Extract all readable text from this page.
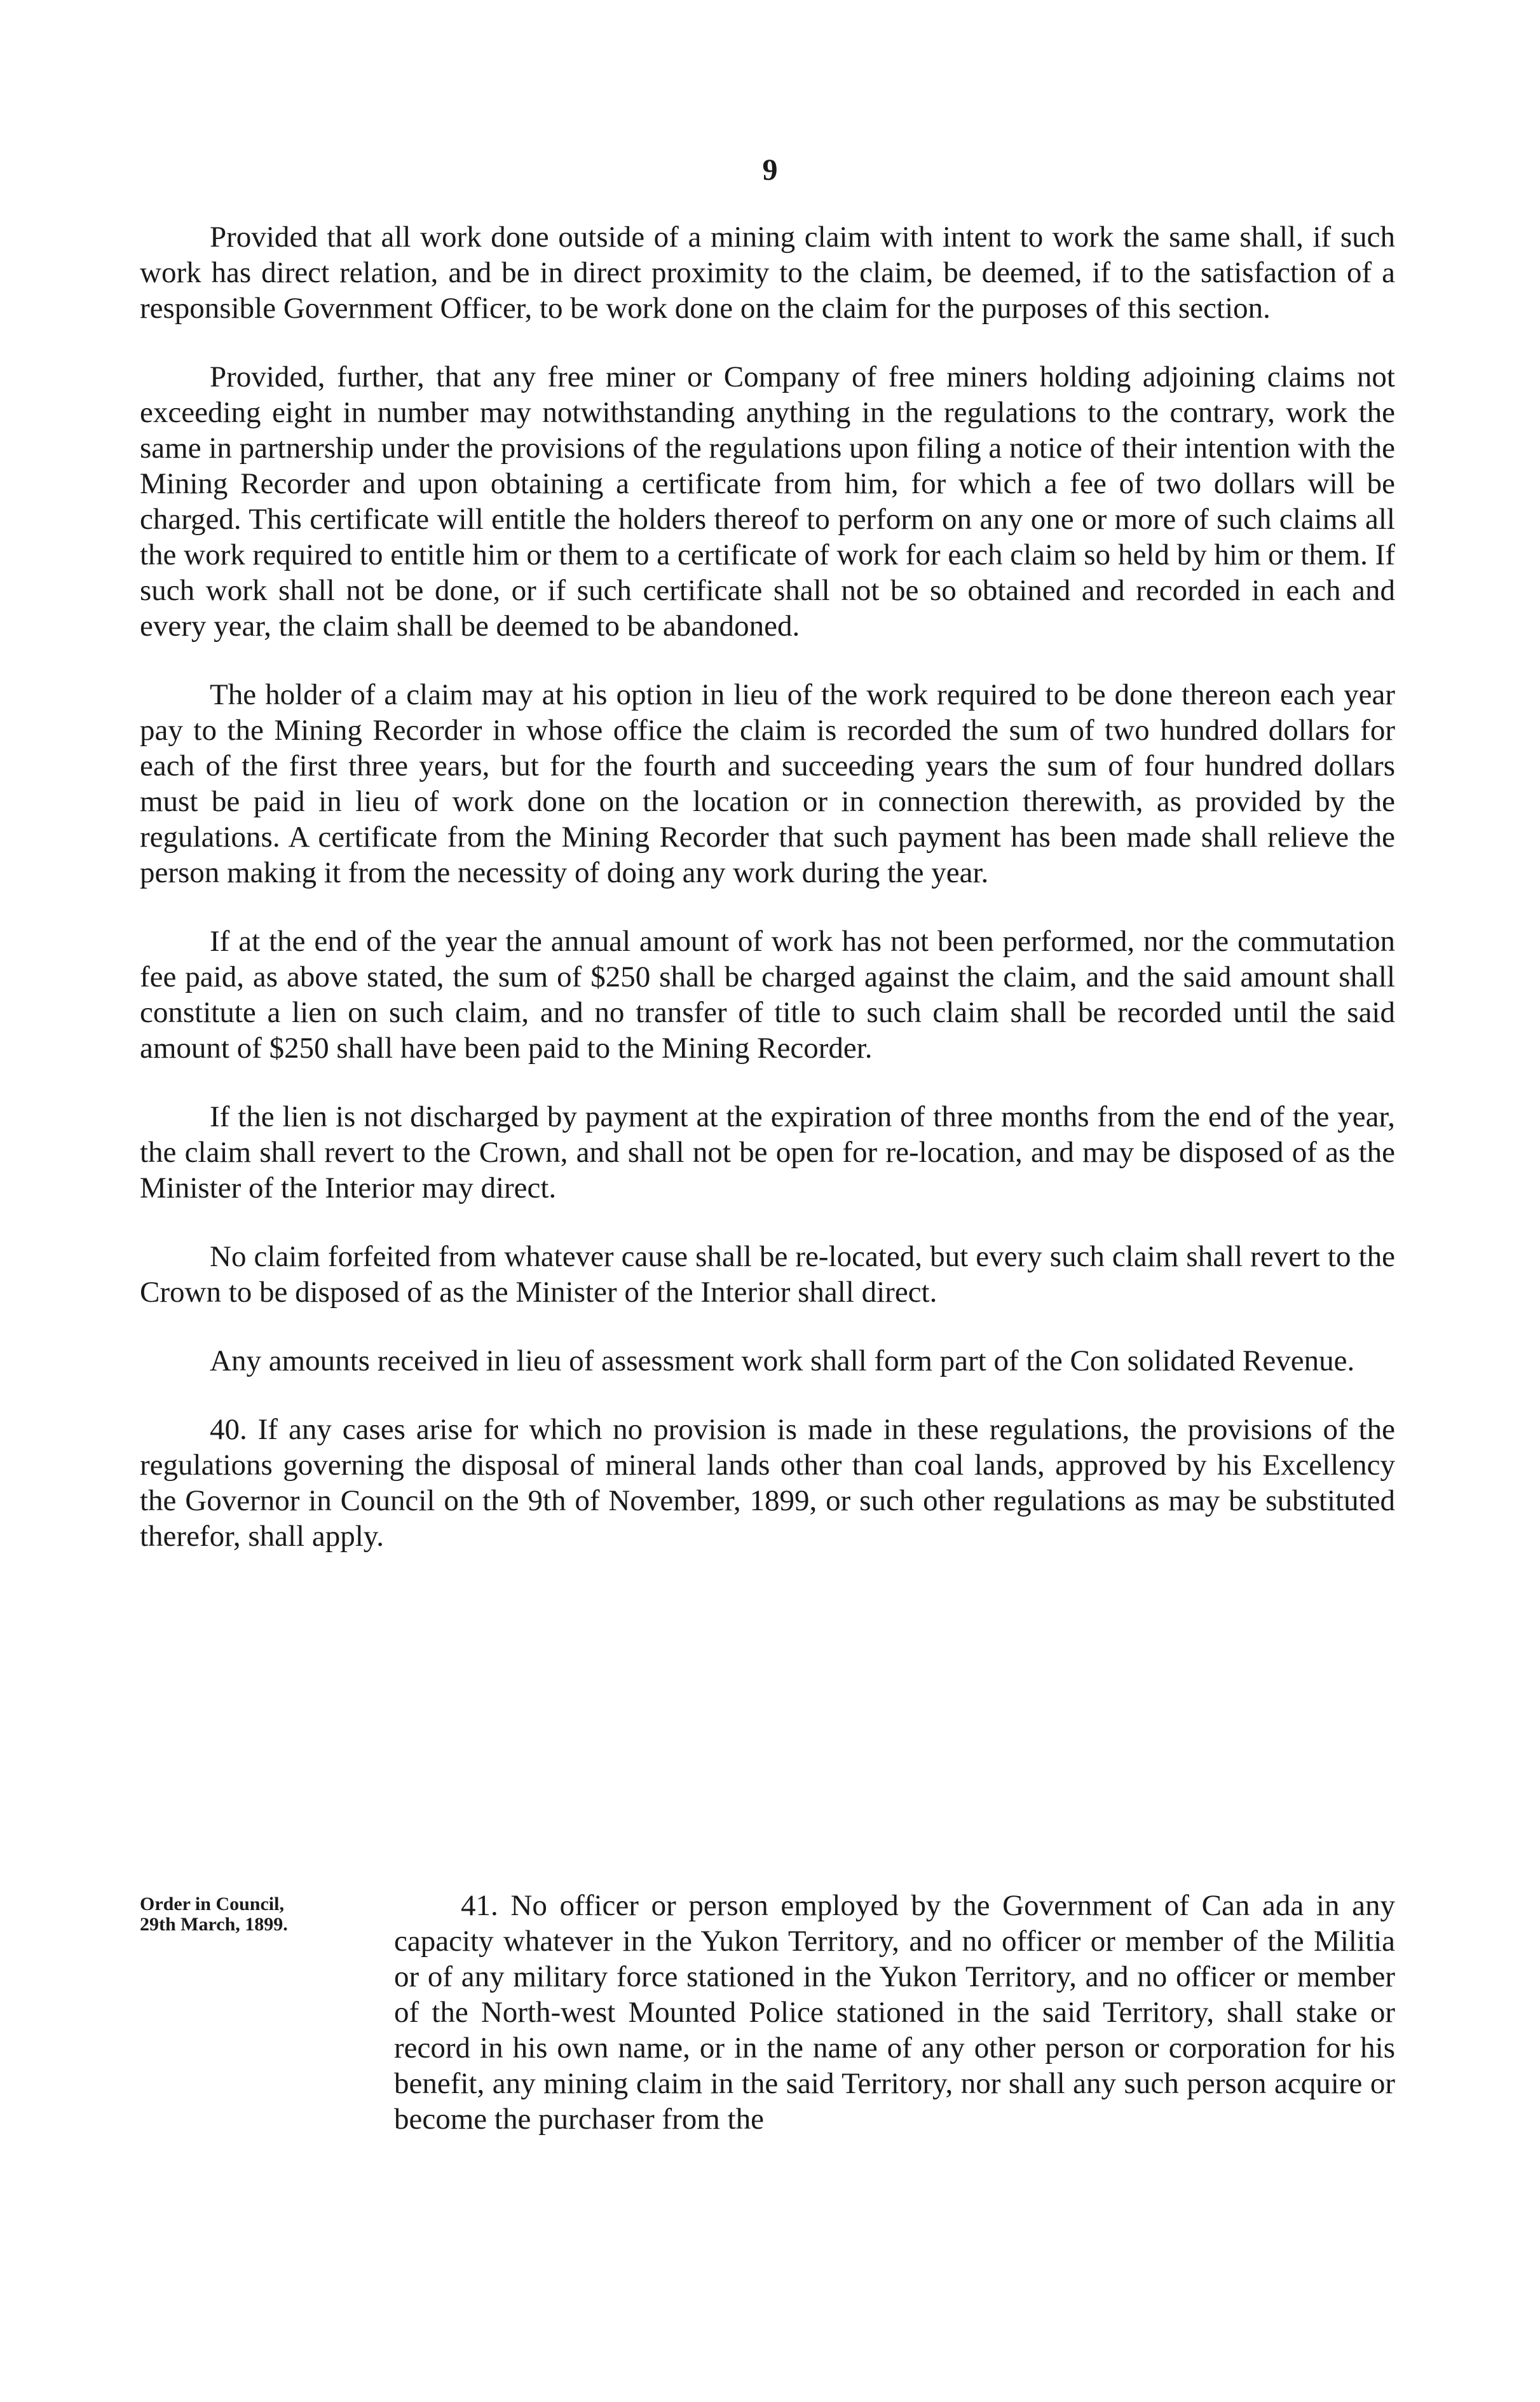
9

Provided that all work done outside of a mining claim with intent to work the same shall, if such work has direct relation, and be in direct proximity to the claim, be deemed, if to the satisfaction of a responsible Government Officer, to be work done on the claim for the purposes of this section.

Provided, further, that any free miner or Company of free miners holding adjoining claims not exceeding eight in number may notwithstanding anything in the regulations to the contrary, work the same in partnership under the provisions of the regulations upon filing a notice of their intention with the Mining Recorder and upon obtaining a certificate from him, for which a fee of two dollars will be charged. This certificate will entitle the holders thereof to perform on any one or more of such claims all the work required to entitle him or them to a certificate of work for each claim so held by him or them. If such work shall not be done, or if such certificate shall not be so obtained and recorded in each and every year, the claim shall be deemed to be abandoned.

The holder of a claim may at his option in lieu of the work required to be done thereon each year pay to the Mining Recorder in whose office the claim is recorded the sum of two hundred dollars for each of the first three years, but for the fourth and succeeding years the sum of four hundred dollars must be paid in lieu of work done on the location or in connection therewith, as provided by the regulations. A certificate from the Mining Recorder that such payment has been made shall relieve the person making it from the necessity of doing any work during the year.

If at the end of the year the annual amount of work has not been performed, nor the commutation fee paid, as above stated, the sum of $250 shall be charged against the claim, and the said amount shall constitute a lien on such claim, and no transfer of title to such claim shall be recorded until the said amount of $250 shall have been paid to the Mining Recorder.

If the lien is not discharged by payment at the expiration of three months from the end of the year, the claim shall revert to the Crown, and shall not be open for re-location, and may be disposed of as the Minister of the Interior may direct.

No claim forfeited from whatever cause shall be re-located, but every such claim shall revert to the Crown to be disposed of as the Minister of the Interior shall direct.

Any amounts received in lieu of assessment work shall form part of the Con solidated Revenue.

40. If any cases arise for which no provision is made in these regulations, the provisions of the regulations governing the disposal of mineral lands other than coal lands, approved by his Excellency the Governor in Council on the 9th of November, 1899, or such other regulations as may be substituted therefor, shall apply.

Order in Council,
29th March, 1899.

41. No officer or person employed by the Government of Can ada in any capacity whatever in the Yukon Territory, and no officer or member of the Militia or of any military force stationed in the Yukon Territory, and no officer or member of the North-west Mounted Police stationed in the said Territory, shall stake or record in his own name, or in the name of any other person or corporation for his benefit, any mining claim in the said Territory, nor shall any such person acquire or become the purchaser from the
